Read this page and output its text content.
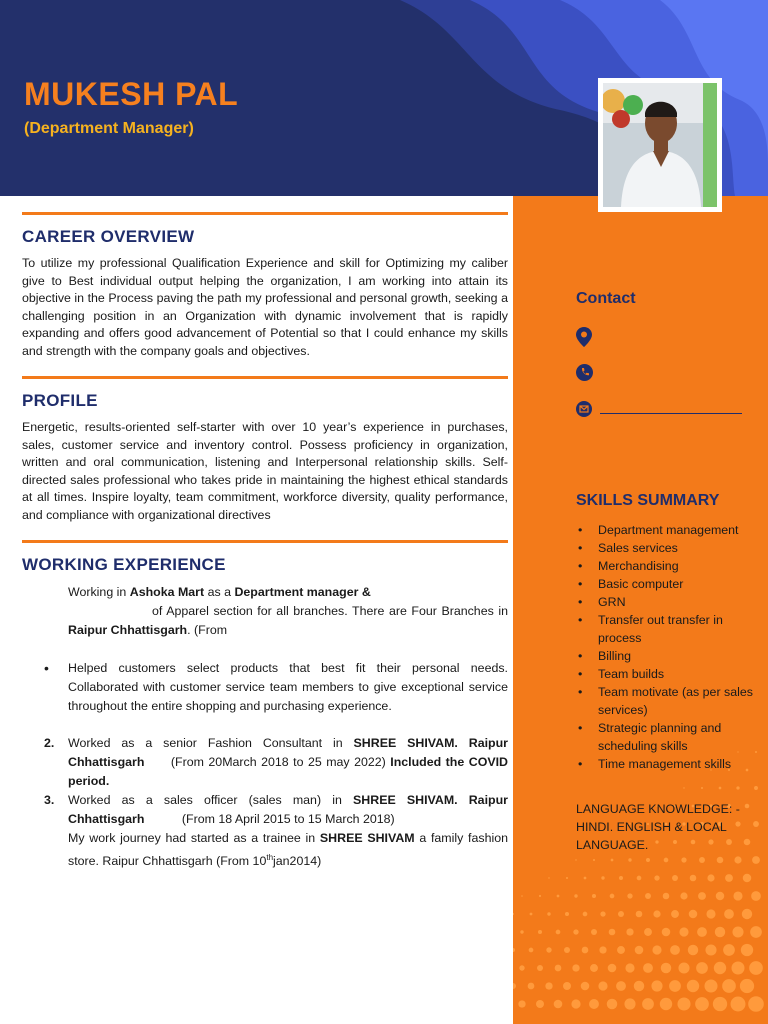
MUKESH PAL

(Department Manager)

CAREER OVERVIEW

To utilize my professional Qualification Experience and skill for Optimizing my caliber give to Best individual output helping the organization, I am working into attain its objective in the Process paving the path my professional and personal growth, seeking a challenging position in an Organization with dynamic involvement that is rapidly expanding and offers good advancement of Potential so that I could enhance my skills and strength with the company goals and objectives.

PROFILE

Energetic, results-oriented self-starter with over 10 year’s experience in purchases, sales, customer service and inventory control. Possess proficiency in organization, written and oral communication, listening and Interpersonal relationship skills. Self-directed sales professional who takes pride in maintaining the highest ethical standards at all times. Inspire loyalty, team commitment, workforce diversity, quality performance, and compliance with organizational directives

WORKING EXPERIENCE
Working in Ashoka Mart as a Department manager &
of Apparel section for all branches. There are Four Branches in Raipur Chhattisgarh. (From
• Helped customers select products that best fit their personal needs. Collaborated with customer service team members to give exceptional service throughout the entire shopping and purchasing experience.
2. Worked as a senior Fashion Consultant in SHREE SHIVAM. Raipur Chhattisgarh (From 20March 2018 to 25 may 2022) Included the COVID period.
3. Worked as a sales officer (sales man) in SHREE SHIVAM. Raipur Chhattisgarh	(From 18 April 2015 to 15 March 2018)
My work journey had started as a trainee in SHREE SHIVAM a family fashion store. Raipur Chhattisgarh (From 10thjan2014)
Contact
SKILLS SUMMARY
• Department management
• Sales services
• Merchandising
• Basic computer
• GRN
• Transfer out transfer in process
• Billing
• Team builds
• Team motivate (as per sales services)
• Strategic planning and scheduling skills
• Time management skills

LANGUAGE KNOWLEDGE: - HINDI. ENGLISH & LOCAL LANGUAGE.
